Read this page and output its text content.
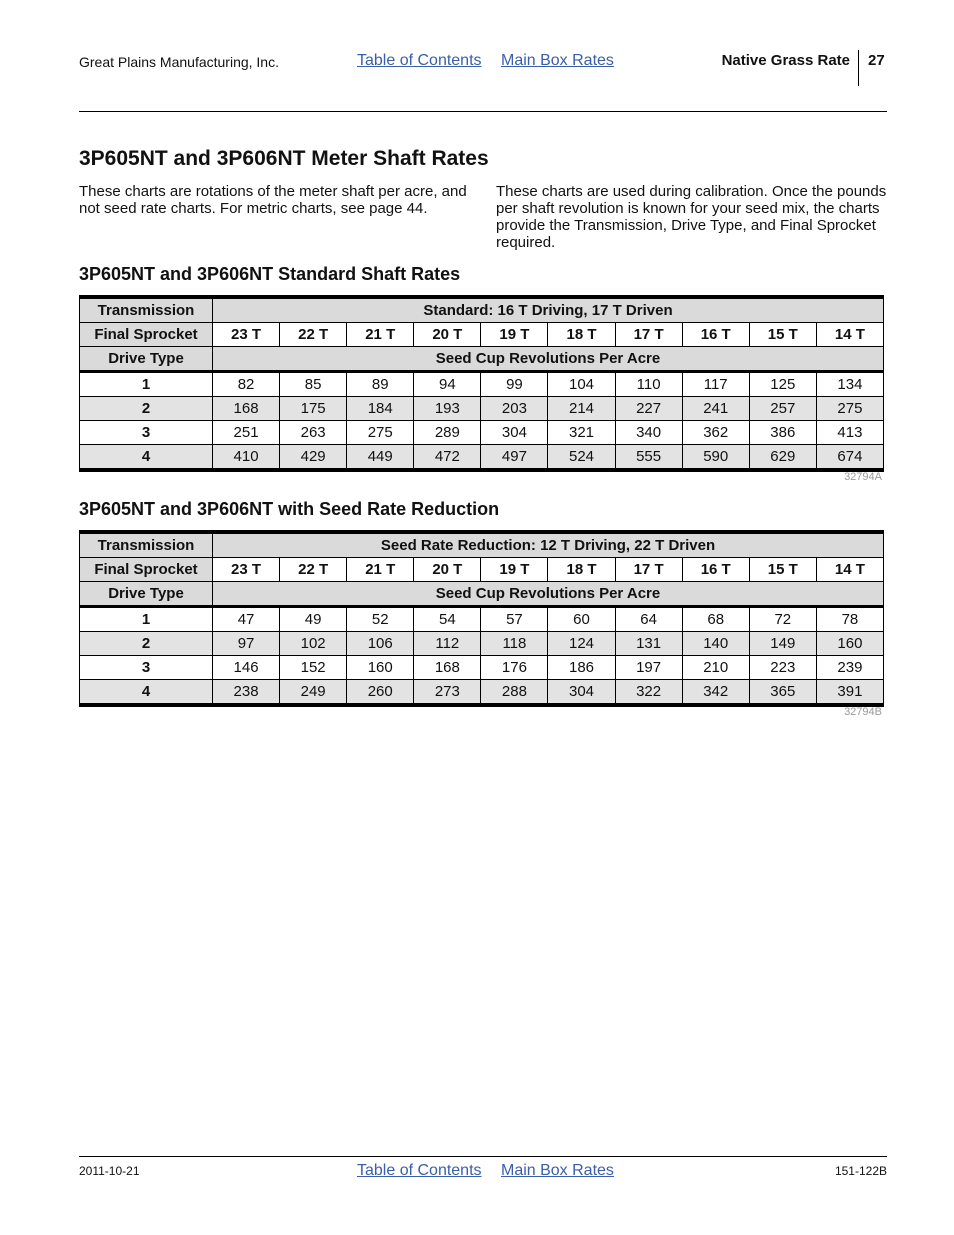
Great Plains Manufacturing, Inc.	Table of Contents Main Box Rates	Native Grass Rate 27
3P605NT and 3P606NT Meter Shaft Rates

These charts are rotations of the meter shaft per acre, and not seed rate charts. For metric charts, see page 44.

These charts are used during calibration. Once the pounds per shaft revolution is known for your seed mix, the charts provide the Transmission, Drive Type, and Final Sprocket required.

3P605NT and 3P606NT Standard Shaft Rates
Transmission	Standard: 16 T Driving, 17 T Driven									
Final Sprocket	23 T	22 T	21 T	20 T	19 T	18 T	17 T	16 T	15 T	14 T
Drive Type	Seed Cup Revolutions Per Acre									
1	82	85	89	94	99	104	110	117	125	134
2	168	175	184	193	203	214	227	241	257	275
3	251	263	275	289	304	321	340	362	386	413
4	410	429	449	472	497	524	555	590	629	674
32794A
3P605NT and 3P606NT with Seed Rate Reduction
Transmission	Seed Rate Reduction: 12 T Driving, 22 T Driven									
Final Sprocket	23 T	22 T	21 T	20 T	19 T	18 T	17 T	16 T	15 T	14 T
Drive Type	Seed Cup Revolutions Per Acre									
1	47	49	52	54	57	60	64	68	72	78
2	97	102	106	112	118	124	131	140	149	160
3	146	152	160	168	176	186	197	210	223	239
4	238	249	260	273	288	304	322	342	365	391
32794B
2011-10-21	Table of Contents Main Box Rates	151-122B
